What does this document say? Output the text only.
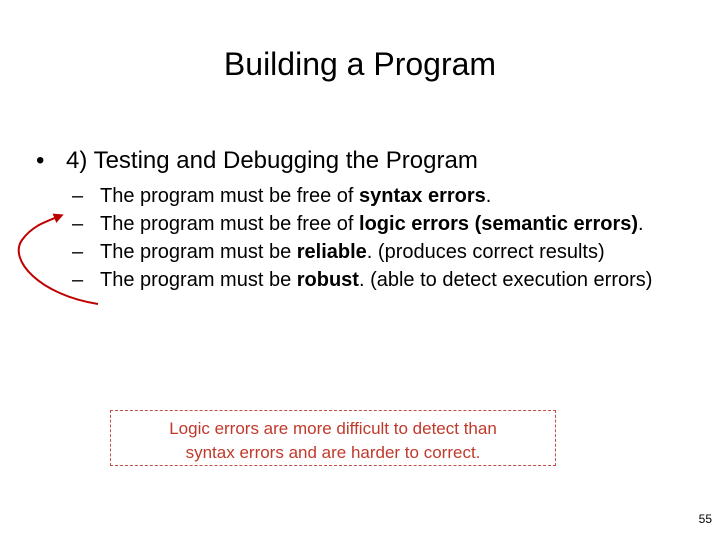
Building a Program
• 4) Testing and Debugging the Program
– The program must be free of syntax errors.
– The program must be free of logic errors (semantic errors).
– The program must be reliable. (produces correct results)
– The program must be robust. (able to detect execution errors)
Logic errors are more difficult to detect than
syntax errors and are harder to correct.
55
